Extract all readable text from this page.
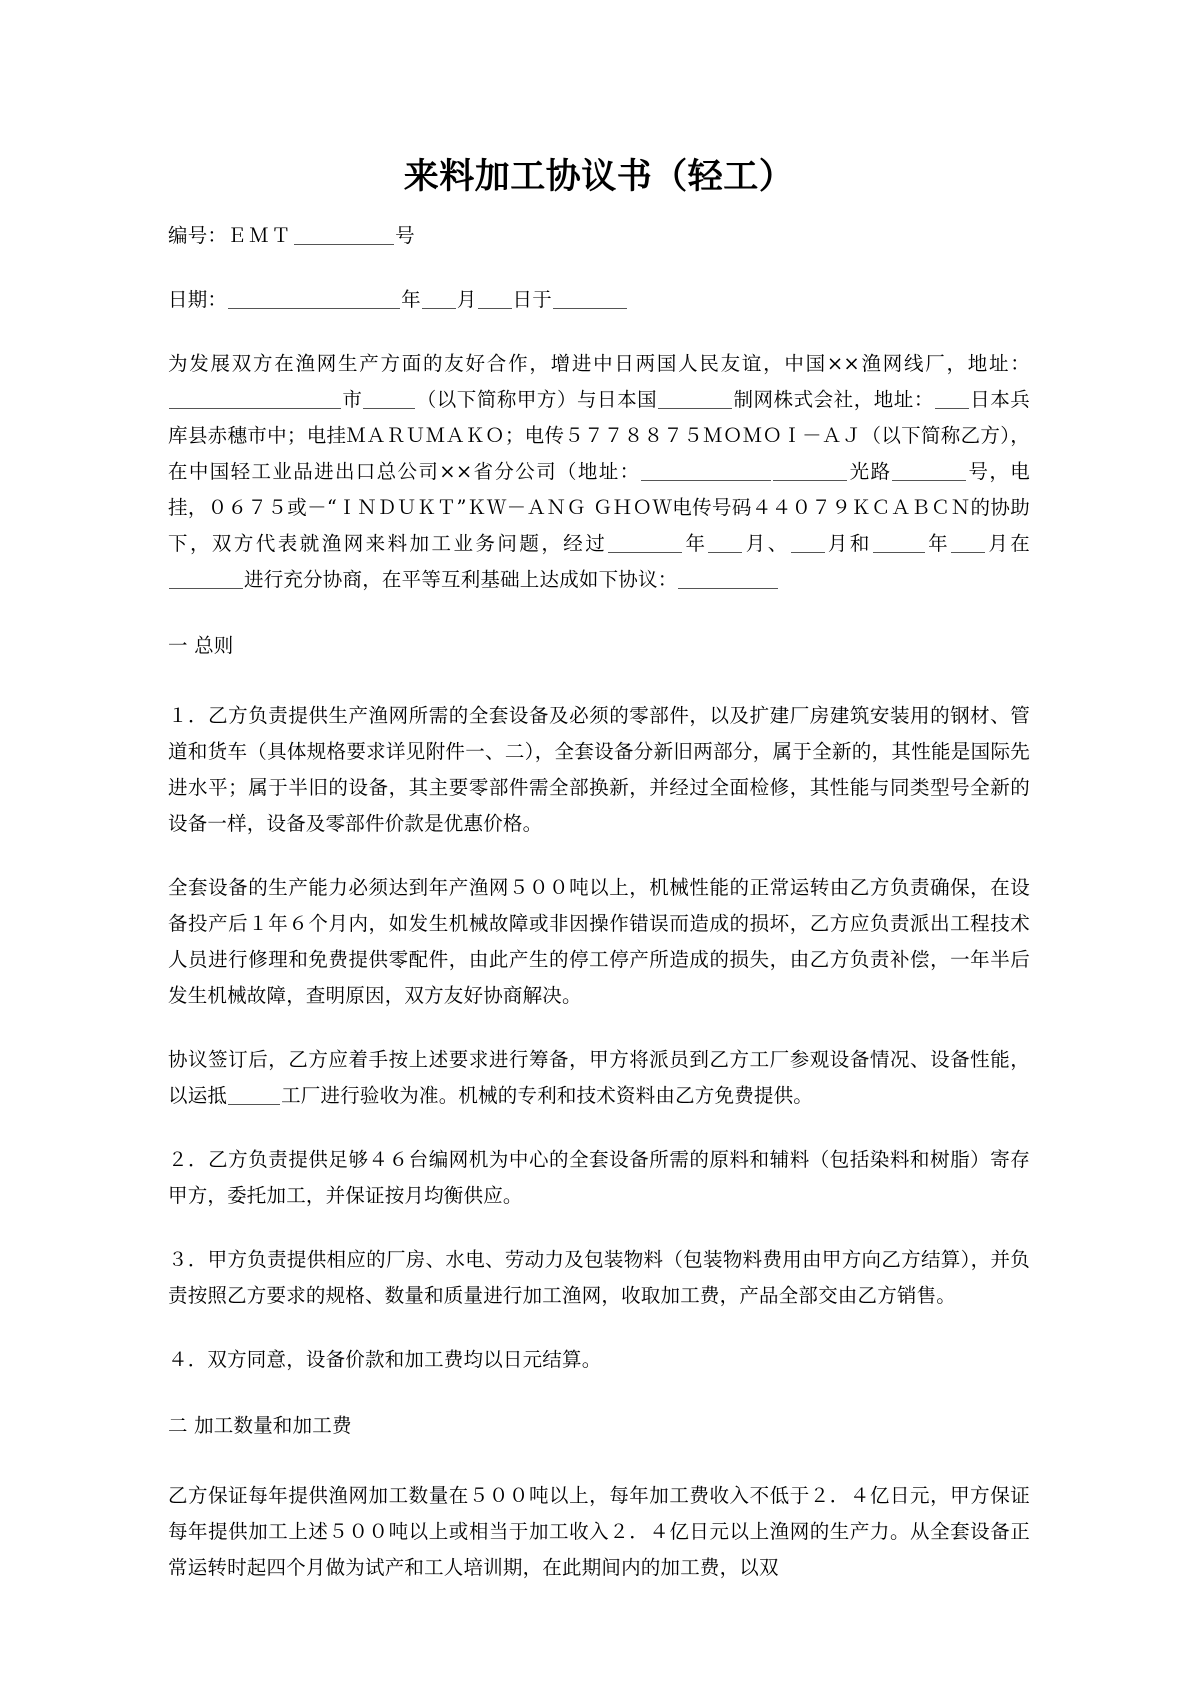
来料加工协议书（轻工）

编号：ＥＭＴ	号

日期：	年 月 日于

为发展双方在渔网生产方面的友好合作，增进中日两国人民友谊，中国××渔网线厂，地址：市	（以下简称甲方）与日本国	制网株式会社，地址： 日本兵库县赤穗市中；电挂ＭＡＲＵＭＡＫＯ；电传５７７８８７５ＭＯＭＯＩ－ＡＪ（以下简称乙方），在中国轻工业品进出口总公司××省分公司（地址：	光路	号，电挂，０６７５或－“ＩＮＤＵＫＴ”ＫＷ－ＡＮＧ ＧＨＯＷ电传号码４４０７９ＫＣＡＢＣＮ的协助下，双方代表就渔网来料加工业务问题，经过	年 月、 月和	年 月在进行充分协商，在平等互利基础上达成如下协议：

一 总则

１．乙方负责提供生产渔网所需的全套设备及必须的零部件，以及扩建厂房建筑安装用的钢材、管道和货车（具体规格要求详见附件一、二），全套设备分新旧两部分，属于全新的，其性能是国际先进水平；属于半旧的设备，其主要零部件需全部换新，并经过全面检修，其性能与同类型号全新的设备一样，设备及零部件价款是优惠价格。

全套设备的生产能力必须达到年产渔网５００吨以上，机械性能的正常运转由乙方负责确保，在设备投产后１年６个月内，如发生机械故障或非因操作错误而造成的损坏，乙方应负责派出工程技术人员进行修理和免费提供零配件，由此产生的停工停产所造成的损失，由乙方负责补偿，一年半后发生机械故障，查明原因，双方友好协商解决。

协议签订后，乙方应着手按上述要求进行筹备，甲方将派员到乙方工厂参观设备情况、设备性能，以运抵	工厂进行验收为准。机械的专利和技术资料由乙方免费提供。

２．乙方负责提供足够４６台编网机为中心的全套设备所需的原料和辅料（包括染料和树脂）寄存甲方，委托加工，并保证按月均衡供应。

３．甲方负责提供相应的厂房、水电、劳动力及包装物料（包装物料费用由甲方向乙方结算），并负责按照乙方要求的规格、数量和质量进行加工渔网，收取加工费，产品全部交由乙方销售。

４．双方同意，设备价款和加工费均以日元结算。

二 加工数量和加工费

乙方保证每年提供渔网加工数量在５００吨以上，每年加工费收入不低于２．４亿日元，甲方保证每年提供加工上述５００吨以上或相当于加工收入２．４亿日元以上渔网的生产力。从全套设备正常运转时起四个月做为试产和工人培训期，在此期间内的加工费，以双
